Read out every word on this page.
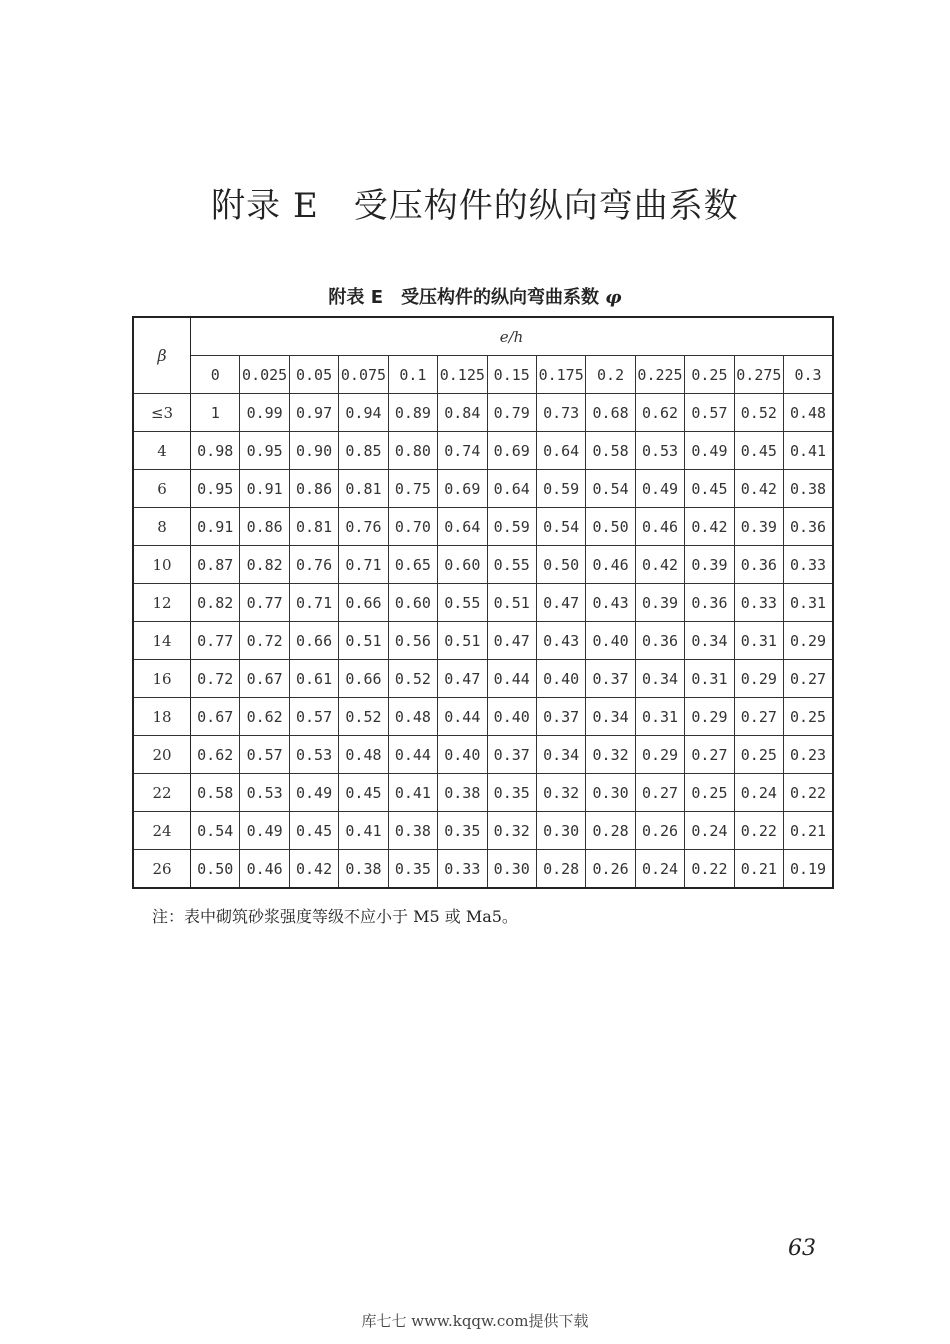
附录 E　受压构件的纵向弯曲系数
附表 E　受压构件的纵向弯曲系数 φ
β	e/h												
	0	0.025	0.05	0.075	0.1	0.125	0.15	0.175	0.2	0.225	0.25	0.275	0.3
≤3	1	0.99	0.97	0.94	0.89	0.84	0.79	0.73	0.68	0.62	0.57	0.52	0.48
4	0.98	0.95	0.90	0.85	0.80	0.74	0.69	0.64	0.58	0.53	0.49	0.45	0.41
6	0.95	0.91	0.86	0.81	0.75	0.69	0.64	0.59	0.54	0.49	0.45	0.42	0.38
8	0.91	0.86	0.81	0.76	0.70	0.64	0.59	0.54	0.50	0.46	0.42	0.39	0.36
10	0.87	0.82	0.76	0.71	0.65	0.60	0.55	0.50	0.46	0.42	0.39	0.36	0.33
12	0.82	0.77	0.71	0.66	0.60	0.55	0.51	0.47	0.43	0.39	0.36	0.33	0.31
14	0.77	0.72	0.66	0.51	0.56	0.51	0.47	0.43	0.40	0.36	0.34	0.31	0.29
16	0.72	0.67	0.61	0.66	0.52	0.47	0.44	0.40	0.37	0.34	0.31	0.29	0.27
18	0.67	0.62	0.57	0.52	0.48	0.44	0.40	0.37	0.34	0.31	0.29	0.27	0.25
20	0.62	0.57	0.53	0.48	0.44	0.40	0.37	0.34	0.32	0.29	0.27	0.25	0.23
22	0.58	0.53	0.49	0.45	0.41	0.38	0.35	0.32	0.30	0.27	0.25	0.24	0.22
24	0.54	0.49	0.45	0.41	0.38	0.35	0.32	0.30	0.28	0.26	0.24	0.22	0.21
26	0.50	0.46	0.42	0.38	0.35	0.33	0.30	0.28	0.26	0.24	0.22	0.21	0.19
注：表中砌筑砂浆强度等级不应小于 M5 或 Ma5。
63
库七七 www.kqqw.com提供下载
